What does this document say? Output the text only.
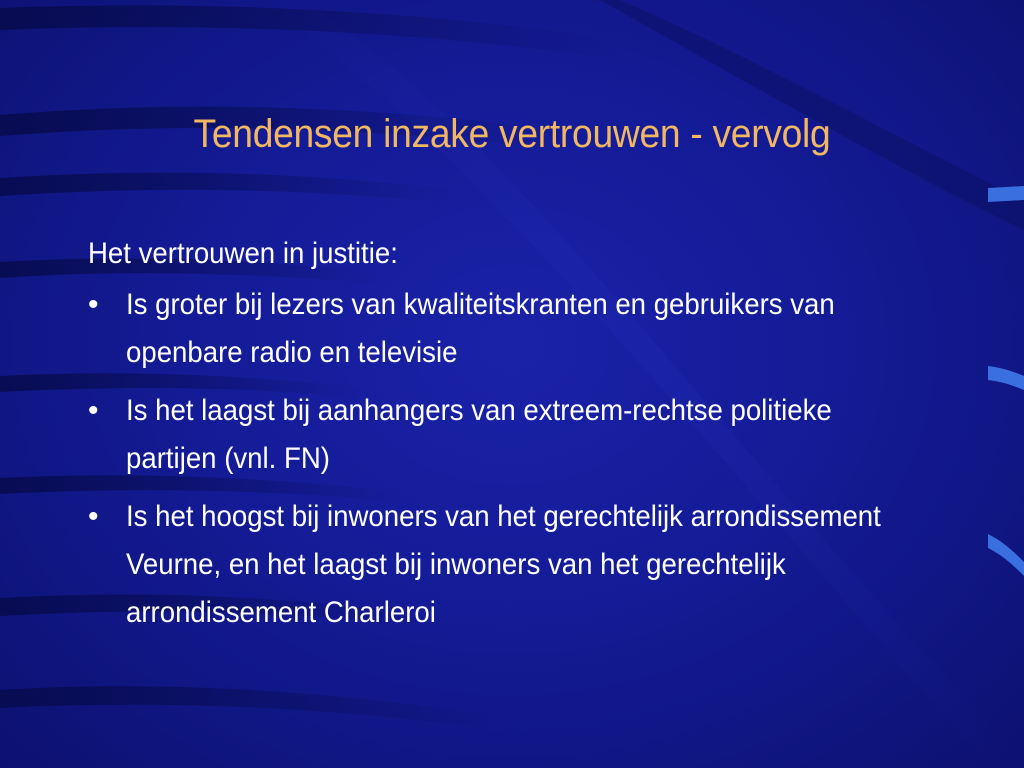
Tendensen inzake vertrouwen - vervolg
Het vertrouwen in justitie:
• Is groter bij lezers van kwaliteitskranten en gebruikers van openbare radio en televisie
• Is het laagst bij aanhangers van extreem-rechtse politieke partijen (vnl. FN)
• Is het hoogst bij inwoners van het gerechtelijk arrondissement Veurne, en het laagst bij inwoners van het gerechtelijk arrondissement Charleroi
